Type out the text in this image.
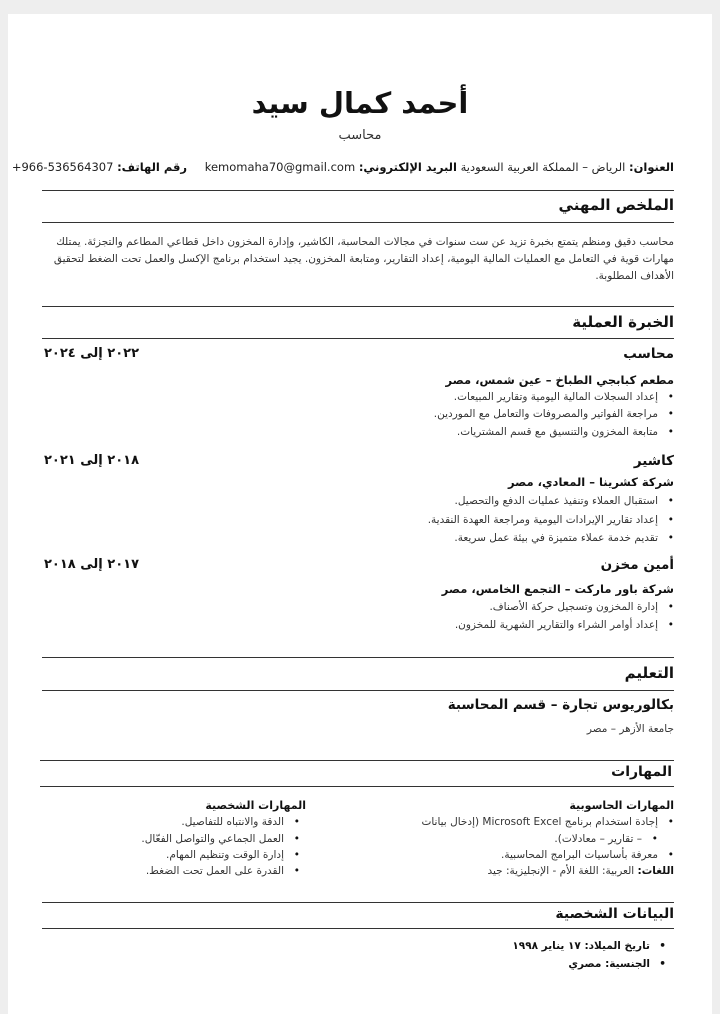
أحمد كمال سيد
محاسب
العنوان: الرياض – المملكة العربية السعودية البريد الإلكتروني: kemomaha70@gmail.com رقم الهاتف: +966-536564307
الملخص المهني
محاسب دقيق ومنظم يتمتع بخبرة تزيد عن ست سنوات في مجالات المحاسبة، الكاشير، وإدارة المخزون داخل قطاعي المطاعم والتجزئة. يمتلك مهارات قوية في التعامل مع العمليات المالية اليومية، إعداد التقارير، ومتابعة المخزون. يجيد استخدام برنامج الإكسل والعمل تحت الضغط لتحقيق الأهداف المطلوبة.
الخبرة العملية
محاسب
٢٠٢٢ إلى ٢٠٢٤
مطعم كبابجي الطباخ – عين شمس، مصر
• إعداد السجلات المالية اليومية وتقارير المبيعات.
• مراجعة الفواتير والمصروفات والتعامل مع الموردين.
• متابعة المخزون والتنسيق مع قسم المشتريات.
كاشير
٢٠١٨ إلى ٢٠٢١
شركة كشرينا – المعادي، مصر
• استقبال العملاء وتنفيذ عمليات الدفع والتحصيل.
• إعداد تقارير الإيرادات اليومية ومراجعة العهدة النقدية.
• تقديم خدمة عملاء متميزة في بيئة عمل سريعة.
أمين مخزن
٢٠١٧ إلى ٢٠١٨
شركة باور ماركت – التجمع الخامس، مصر
• إدارة المخزون وتسجيل حركة الأصناف.
• إعداد أوامر الشراء والتقارير الشهرية للمخزون.
التعليم
بكالوريوس تجارة – قسم المحاسبة
جامعة الأزهر – مصر
المهارات
المهارات الحاسوبية
• إجادة استخدام برنامج Microsoft Excel (إدخال بيانات
• – تقارير – معادلات).
• معرفة بأساسيات البرامج المحاسبية.
اللغات: العربية: اللغة الأم - الإنجليزية: جيد
المهارات الشخصية
• الدقة والانتباه للتفاصيل.
• العمل الجماعي والتواصل الفعّال.
• إدارة الوقت وتنظيم المهام.
• القدرة على العمل تحت الضغط.
البيانات الشخصية
• تاريخ الميلاد: ١٧ يناير ١٩٩٨
• الجنسية: مصري
